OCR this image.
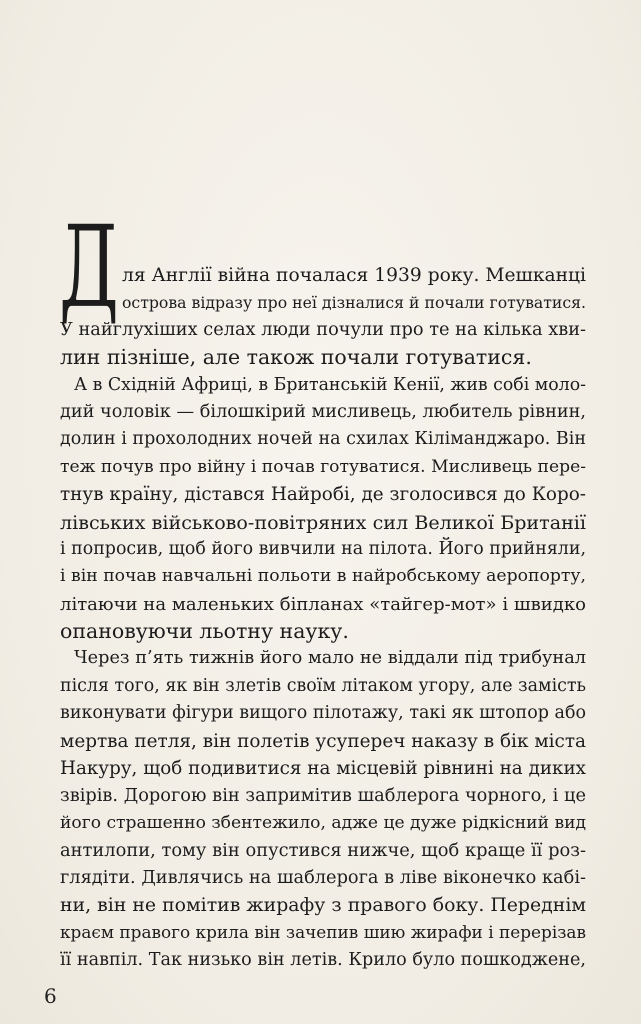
Д ля Англії війна почалася 1939 року. Мешканці
острова відразу про неї дізналися й почали готуватися.
У найглухіших селах люди почули про те на кілька хви-
лин пізніше, але також почали готуватися.
А в Східній Африці, в Британській Кенії, жив собі моло-
дий чоловік — білошкірий мисливець, любитель рівнин,
долин і прохолодних ночей на схилах Кіліманджаро. Він
теж почув про війну і почав готуватися. Мисливець пере-
тнув країну, дістався Найробі, де зголосився до Коро-
лівських військово-повітряних сил Великої Британії
і попросив, щоб його вивчили на пілота. Його прийняли,
і він почав навчальні польоти в найробському аеропорту,
літаючи на маленьких біпланах «тайгер-мот» і швидко
опановуючи льотну науку.
Через п’ять тижнів його мало не віддали під трибунал
після того, як він злетів своїм літаком угору, але замість
виконувати фігури вищого пілотажу, такі як штопор або
мертва петля, він полетів усупереч наказу в бік міста
Накуру, щоб подивитися на місцевій рівнині на диких
звірів. Дорогою він запримітив шаблерога чорного, і це
його страшенно збентежило, адже це дуже рідкісний вид
антилопи, тому він опустився нижче, щоб краще її роз-
глядіти. Дивлячись на шаблерога в ліве віконечко кабі-
ни, він не помітив жирафу з правого боку. Переднім
краєм правого крила він зачепив шию жирафи і перерізав
її навпіл. Так низько він летів. Крило було пошкоджене,
6
